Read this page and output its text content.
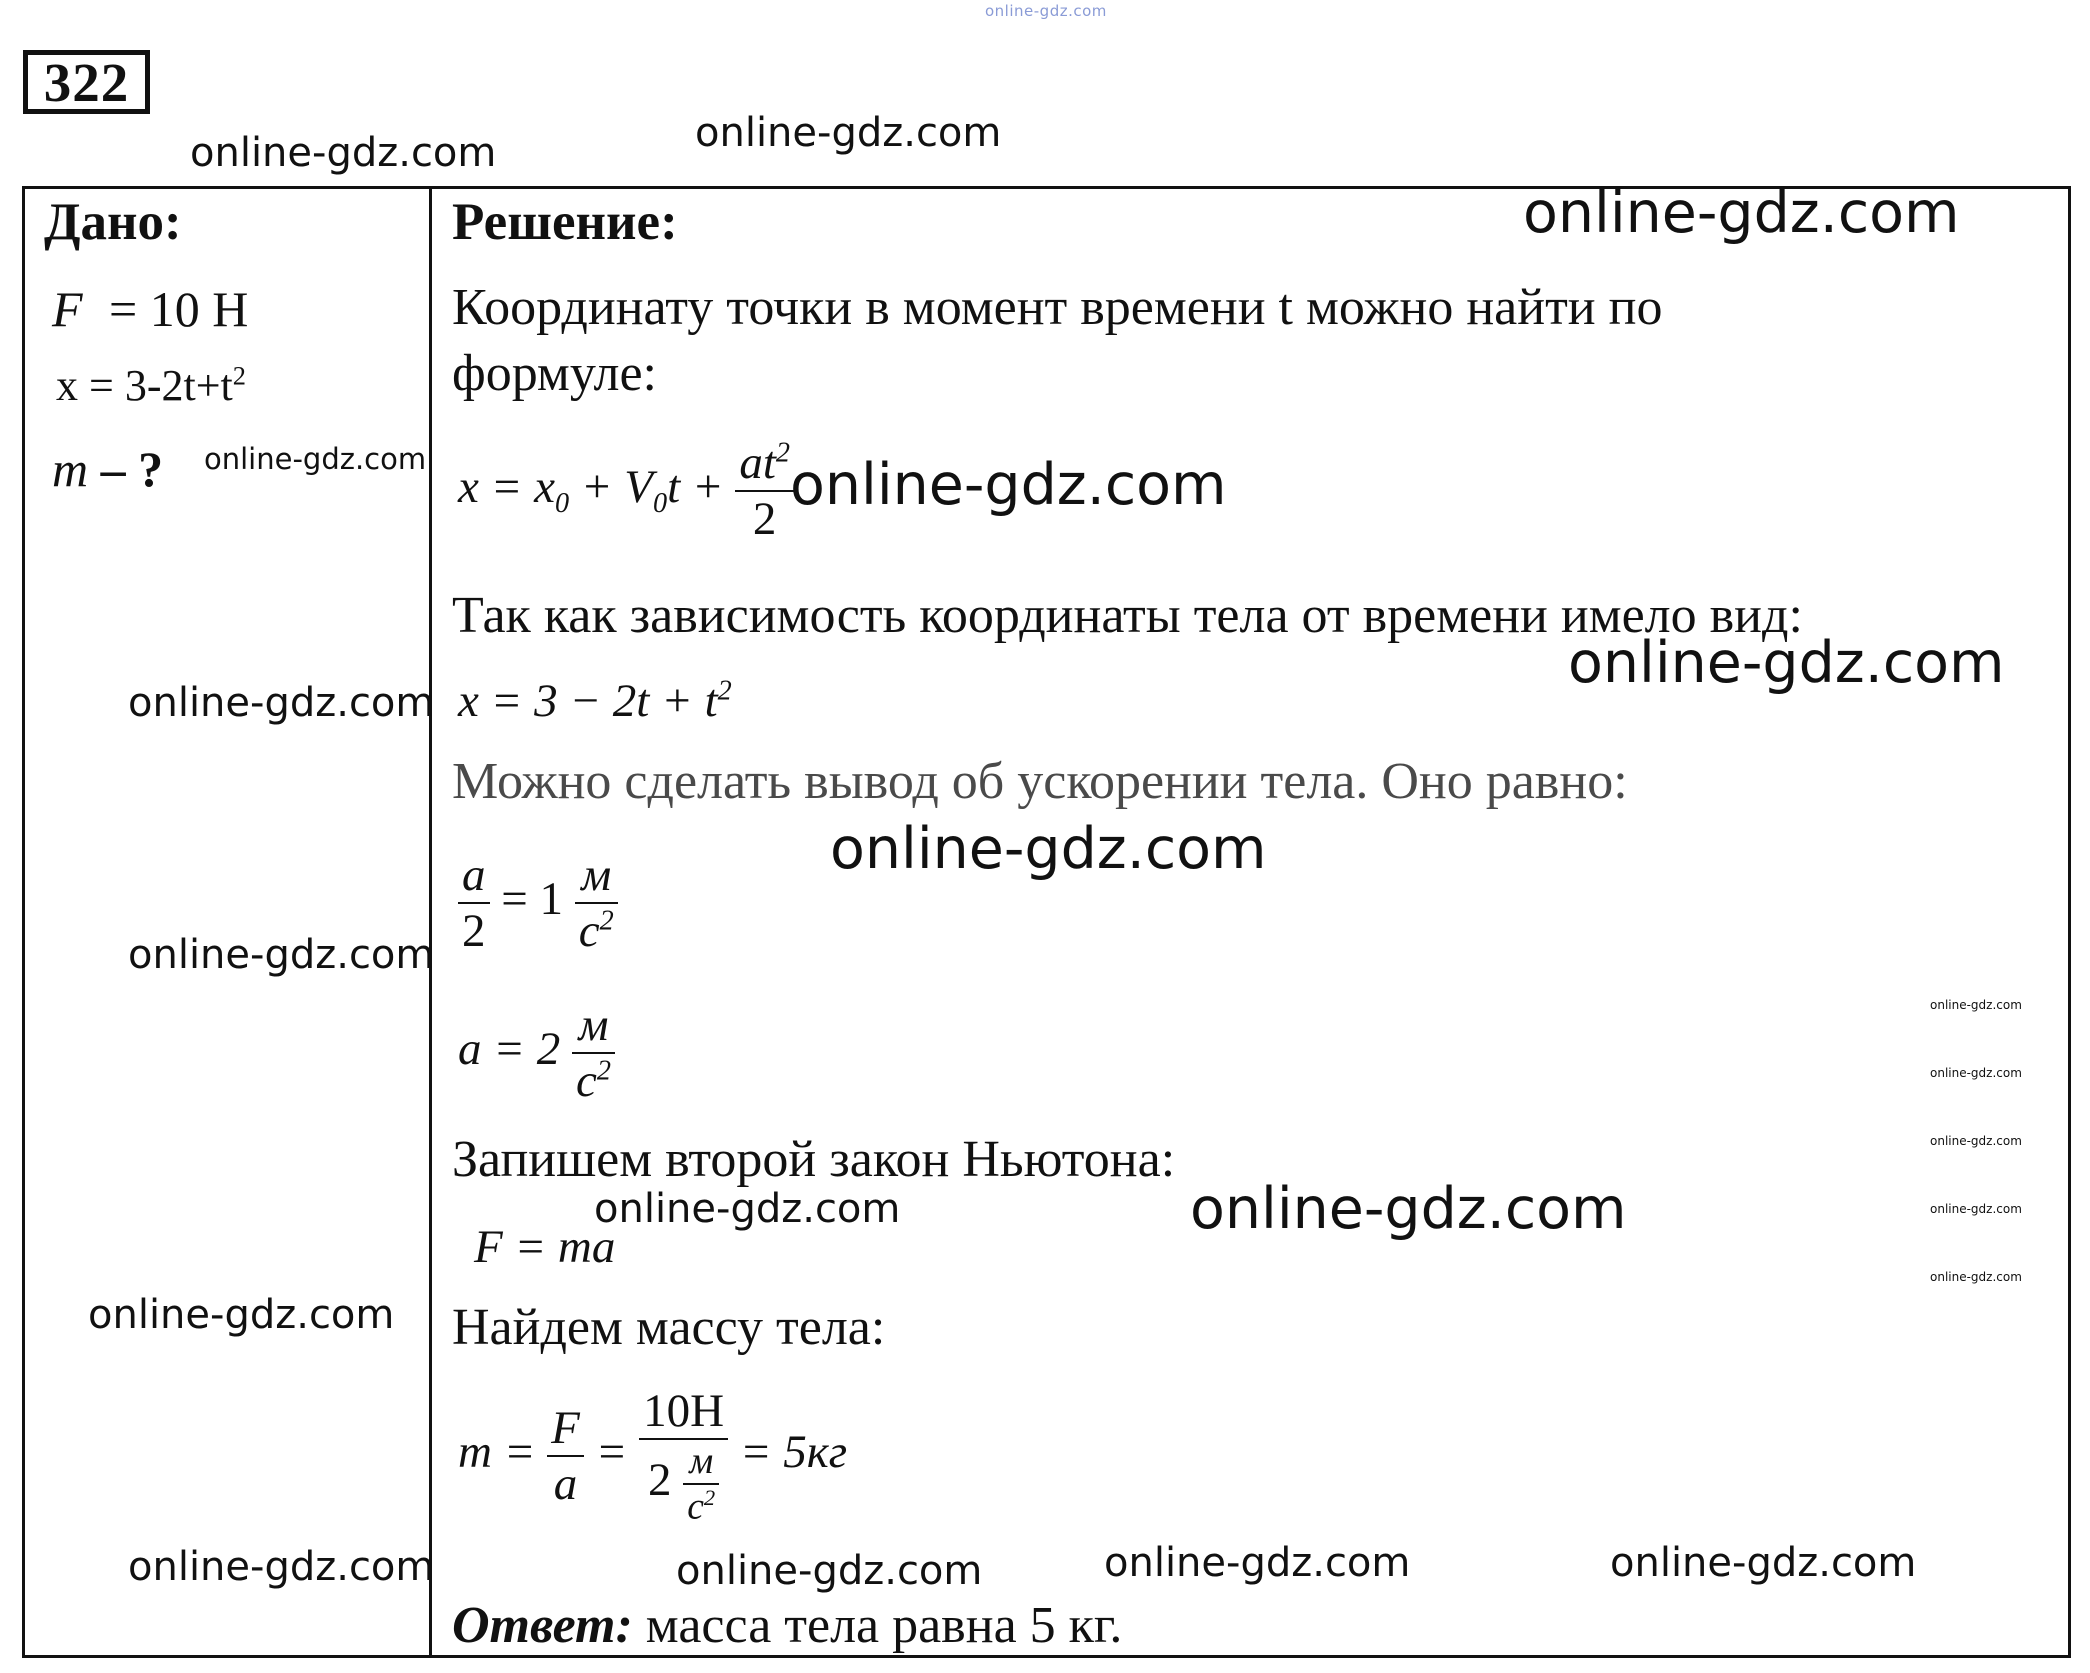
online-gdz.com
322
online-gdz.com	online-gdz.com
Дано:
F = 10 Н
$x = 3-2t+t^2$
m – ? online-gdz.com
online-gdz.com
online-gdz.com
online-gdz.com
online-gdz.com
Решение:	online-gdz.com
Координату точки в момент времени t можно найти по
формуле:
$x = x_0 + V_0t + \frac{at^2}{2}$
online-gdz.com
Так как зависимость координаты тела от времени имело вид:
online-gdz.com
$x = 3 - 2t + t^2$
Можно сделать вывод об ускорении тела. Оно равно:
online-gdz.com
$\frac{a}{2} = 1 \frac{м}{с^2}$
$a = 2 \frac{м}{с^2}$	online-gdz.com
online-gdz.com
online-gdz.com
online-gdz.com
online-gdz.com
Запишем второй закон Ньютона:
online-gdz.com	online-gdz.com
F = ma
Найдем массу тела:
$m = \frac{F}{a} = \frac{10Н}{2 \frac{м}{с^2}} = 5кг$
online-gdz.com	online-gdz.com	online-gdz.com
Ответ: масса тела равна 5 кг.
